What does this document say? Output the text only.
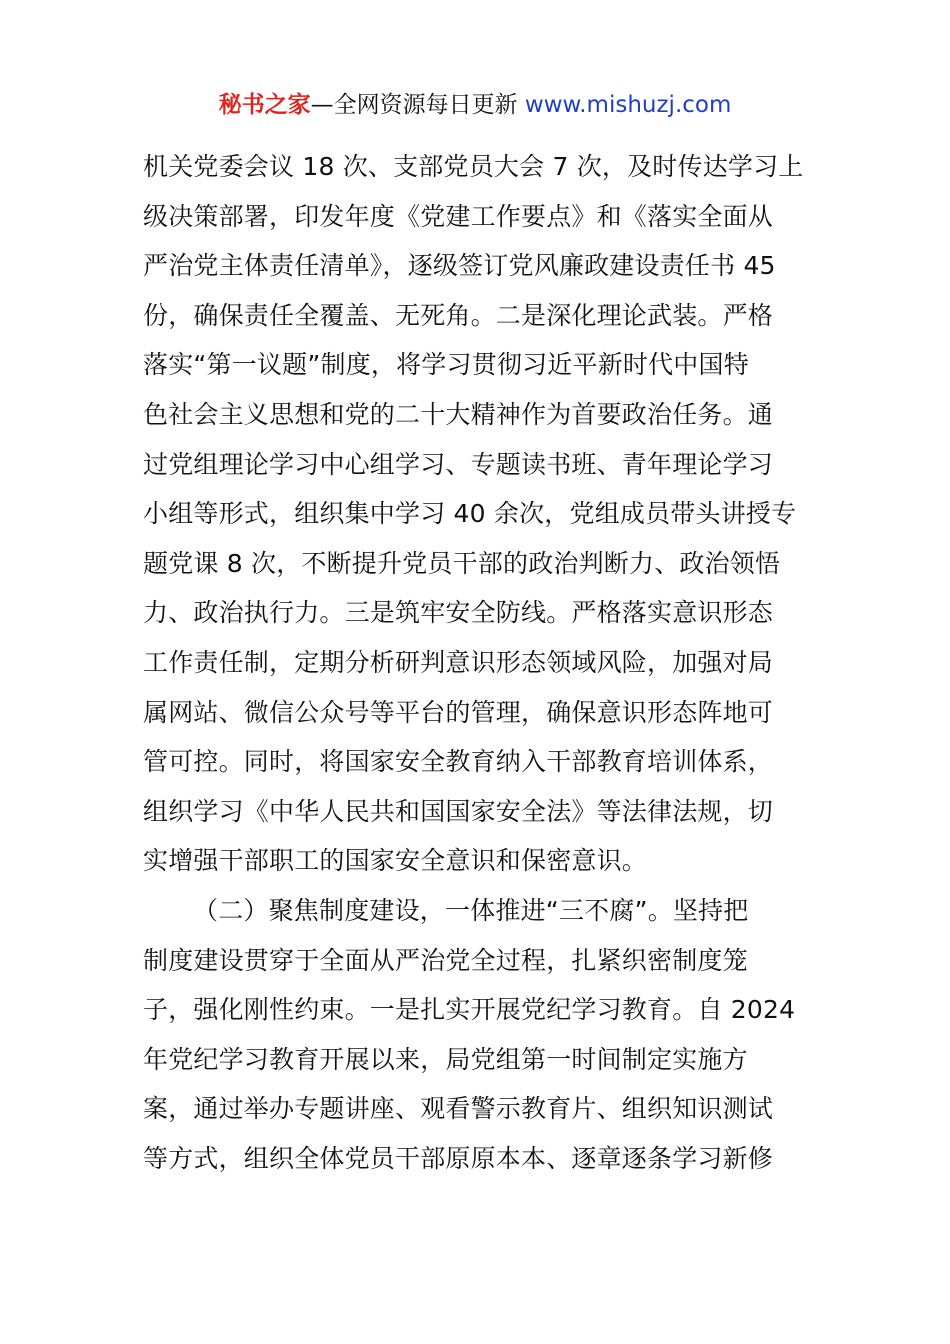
秘书之家—全网资源每日更新 www.mishuzj.com
机关党委会议 18 次、支部党员大会 7 次，及时传达学习上
级决策部署，印发年度《党建工作要点》和《落实全面从
严治党主体责任清单》，逐级签订党风廉政建设责任书 45
份，确保责任全覆盖、无死角。二是深化理论武装。严格
落实“第一议题”制度，将学习贯彻习近平新时代中国特
色社会主义思想和党的二十大精神作为首要政治任务。通
过党组理论学习中心组学习、专题读书班、青年理论学习
小组等形式，组织集中学习 40 余次，党组成员带头讲授专
题党课 8 次，不断提升党员干部的政治判断力、政治领悟
力、政治执行力。三是筑牢安全防线。严格落实意识形态
工作责任制，定期分析研判意识形态领域风险，加强对局
属网站、微信公众号等平台的管理，确保意识形态阵地可
管可控。同时，将国家安全教育纳入干部教育培训体系，
组织学习《中华人民共和国国家安全法》等法律法规，切
实增强干部职工的国家安全意识和保密意识。
（二）聚焦制度建设，一体推进“三不腐”。坚持把
制度建设贯穿于全面从严治党全过程，扎紧织密制度笼
子，强化刚性约束。一是扎实开展党纪学习教育。自 2024
年党纪学习教育开展以来，局党组第一时间制定实施方
案，通过举办专题讲座、观看警示教育片、组织知识测试
等方式，组织全体党员干部原原本本、逐章逐条学习新修
